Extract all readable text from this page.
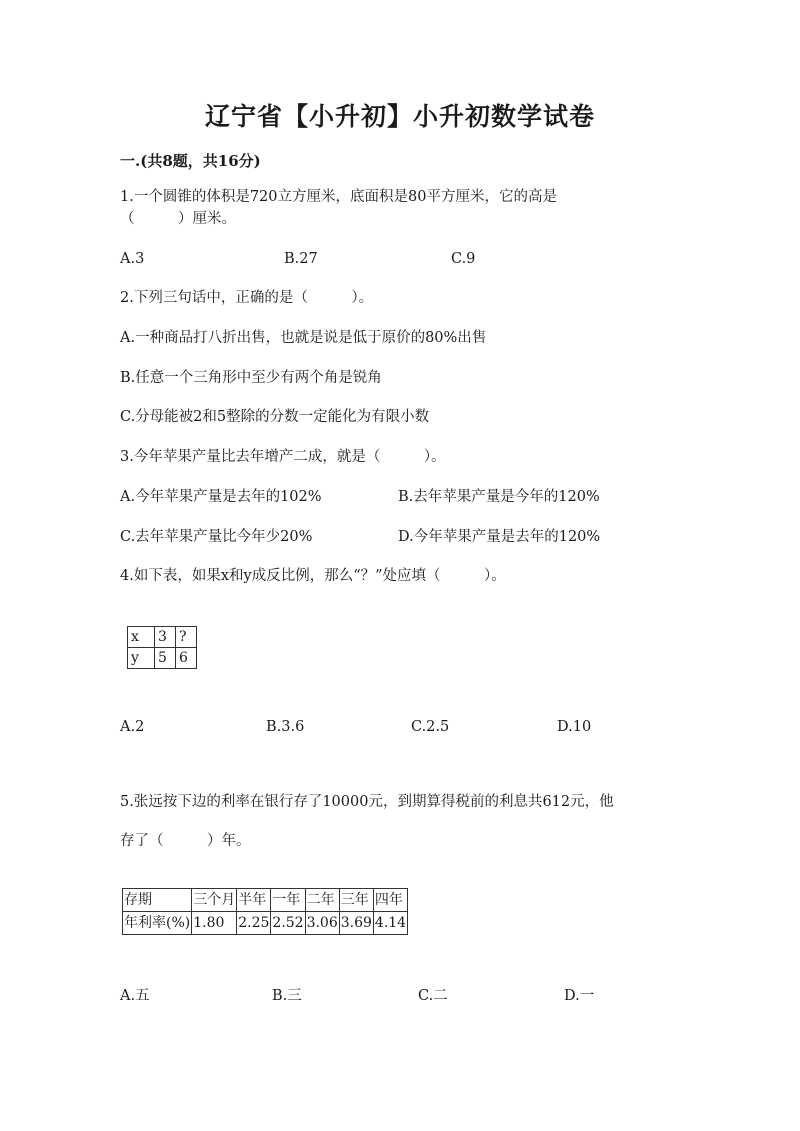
辽宁省【小升初】小升初数学试卷
一.(共8题，共16分)
1.一个圆锥的体积是720立方厘米，底面积是80平方厘米，它的高是
（　　　）厘米。
A.3	B.27	C.9
2.下列三句话中，正确的是（　　　）。
A.一种商品打八折出售，也就是说是低于原价的80%出售
B.任意一个三角形中至少有两个角是锐角
C.分母能被2和5整除的分数一定能化为有限小数
3.今年苹果产量比去年增产二成，就是（　　　）。
A.今年苹果产量是去年的102%	B.去年苹果产量是今年的120%
C.去年苹果产量比今年少20%	D.今年苹果产量是去年的120%
4.如下表，如果x和y成反比例，那么“？”处应填（　　　）。
x	3	?
y	5	6
A.2	B.3.6	C.2.5	D.10
5.张远按下边的利率在银行存了10000元，到期算得税前的利息共612元，他
存了（　　　）年。
存期	三个月	半年	一年	二年	三年	四年
年利率(%)	1.80	2.25	2.52	3.06	3.69	4.14
A.五	B.三	C.二	D.一
